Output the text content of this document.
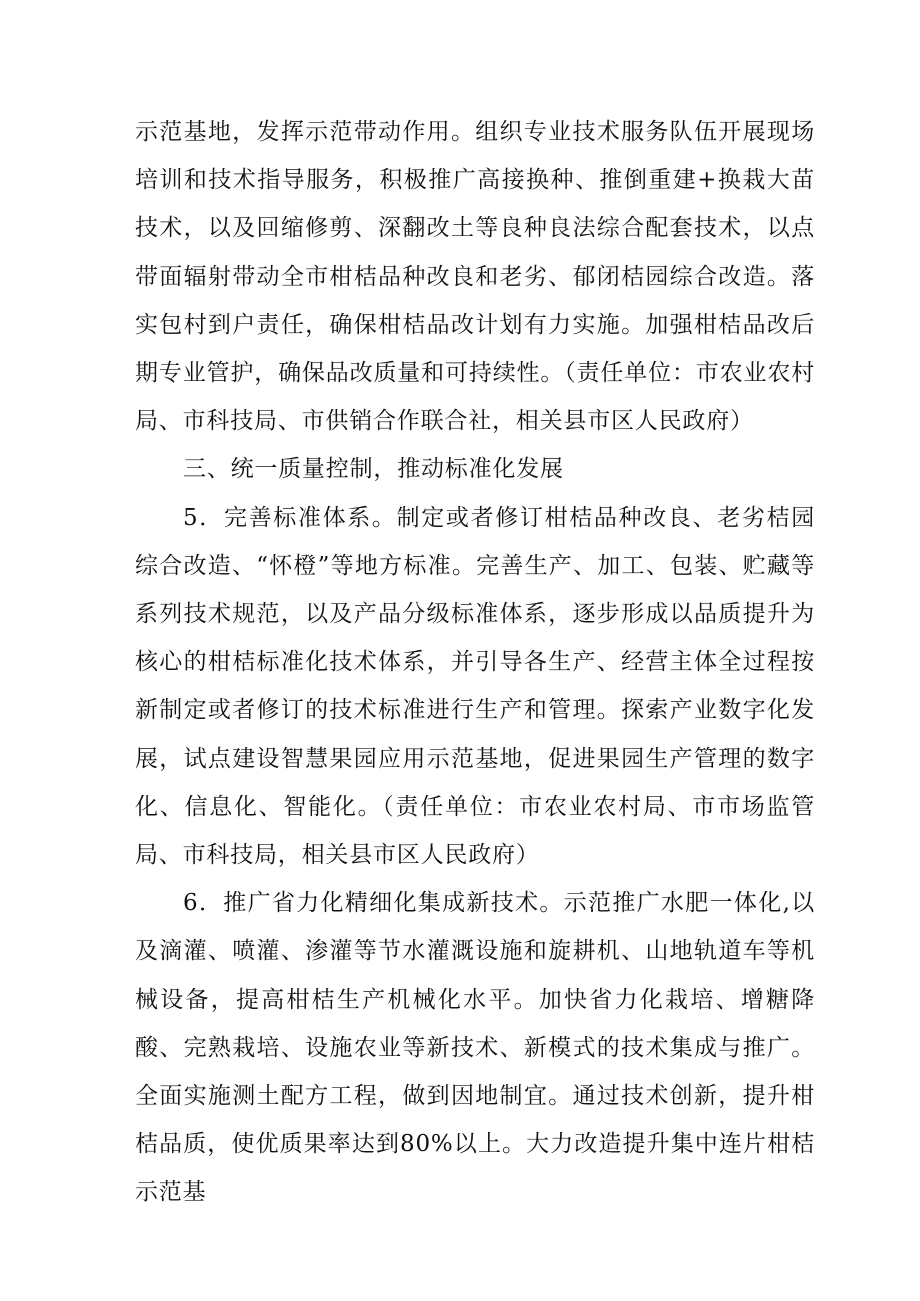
示范基地，发挥示范带动作用。组织专业技术服务队伍开展现场培训和技术指导服务，积极推广高接换种、推倒重建+换栽大苗技术，以及回缩修剪、深翻改土等良种良法综合配套技术，以点带面辐射带动全市柑桔品种改良和老劣、郁闭桔园综合改造。落实包村到户责任，确保柑桔品改计划有力实施。加强柑桔品改后期专业管护，确保品改质量和可持续性。（责任单位：市农业农村局、市科技局、市供销合作联合社，相关县市区人民政府）

三、统一质量控制，推动标准化发展

5．完善标准体系。制定或者修订柑桔品种改良、老劣桔园综合改造、“怀橙”等地方标准。完善生产、加工、包装、贮藏等系列技术规范，以及产品分级标准体系，逐步形成以品质提升为核心的柑桔标准化技术体系，并引导各生产、经营主体全过程按新制定或者修订的技术标准进行生产和管理。探索产业数字化发展，试点建设智慧果园应用示范基地，促进果园生产管理的数字化、信息化、智能化。（责任单位：市农业农村局、市市场监管局、市科技局，相关县市区人民政府）

6．推广省力化精细化集成新技术。示范推广水肥一体化,以及滴灌、喷灌、渗灌等节水灌溉设施和旋耕机、山地轨道车等机械设备，提高柑桔生产机械化水平。加快省力化栽培、增糖降酸、完熟栽培、设施农业等新技术、新模式的技术集成与推广。全面实施测土配方工程，做到因地制宜。通过技术创新，提升柑桔品质，使优质果率达到80%以上。大力改造提升集中连片柑桔示范基
